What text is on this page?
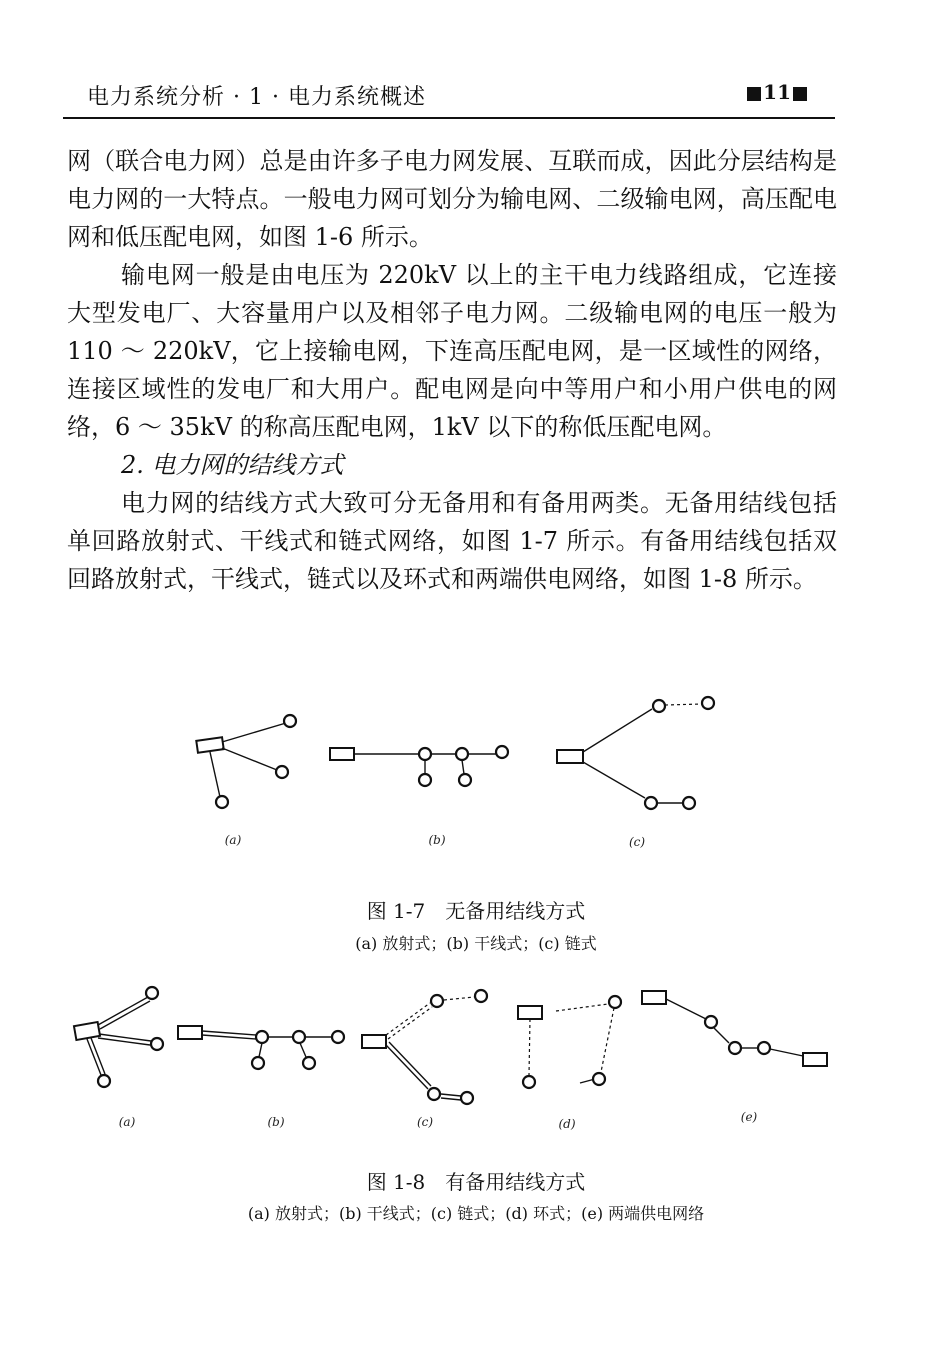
电力系统分析 · 1 · 电力系统概述	11

网（联合电力网）总是由许多子电力网发展、互联而成，因此分层结构是电力网的一大特点。一般电力网可划分为输电网、二级输电网，高压配电网和低压配电网，如图 1-6 所示。

输电网一般是由电压为 220kV 以上的主干电力线路组成，它连接大型发电厂、大容量用户以及相邻子电力网。二级输电网的电压一般为 110 ～ 220kV，它上接输电网，下连高压配电网，是一区域性的网络，连接区域性的发电厂和大用户。配电网是向中等用户和小用户供电的网络，6 ～ 35kV 的称高压配电网，1kV 以下的称低压配电网。

2. 电力网的结线方式

电力网的结线方式大致可分无备用和有备用两类。无备用结线包括单回路放射式、干线式和链式网络，如图 1-7 所示。有备用结线包括双回路放射式，干线式，链式以及环式和两端供电网络，如图 1-8 所示。

(a)	(b)	(c)
图 1-7　无备用结线方式
(a) 放射式；(b) 干线式；(c) 链式
(a)	(b)	(c)	(d)	(e)
图 1-8　有备用结线方式
(a) 放射式；(b) 干线式；(c) 链式；(d) 环式；(e) 两端供电网络
